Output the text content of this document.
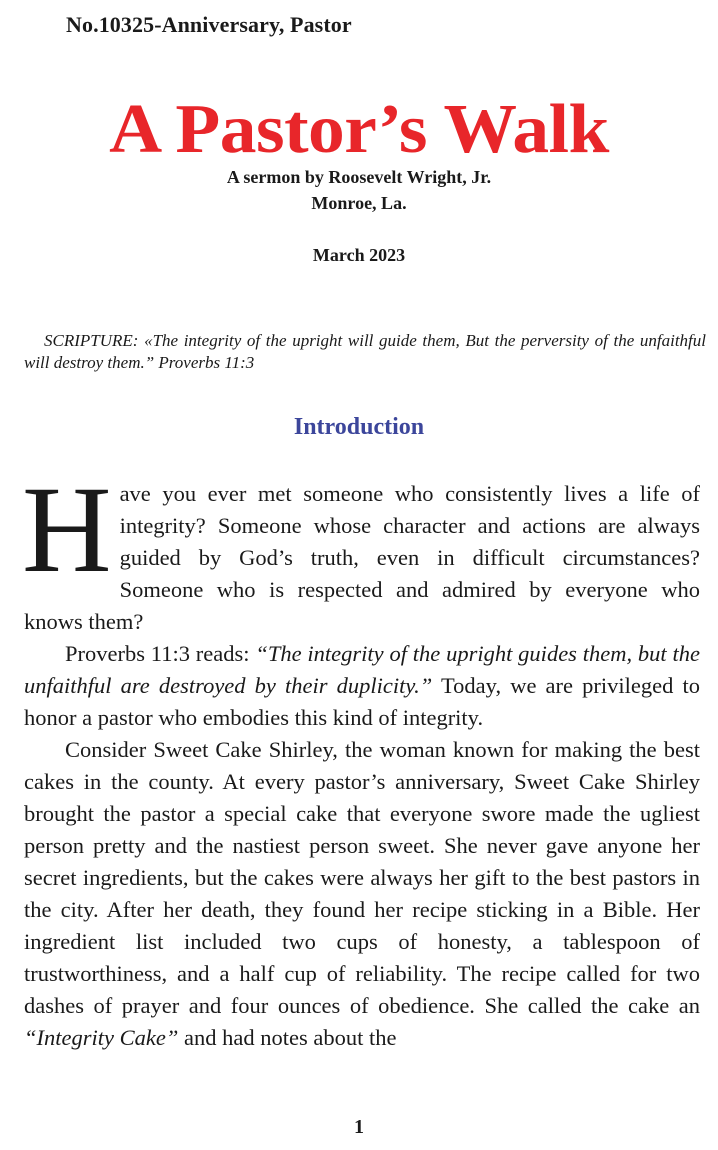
No.10325-Anniversary, Pastor
A Pastor’s Walk
A sermon by Roosevelt Wright, Jr.
Monroe, La.
March 2023
SCRIPTURE: «The integrity of the upright will guide them, But the perversity of the unfaithful will destroy them.” Proverbs 11:3
Introduction

Have you ever met someone who consistently lives a life of integrity? Someone whose character and actions are always guided by God’s truth, even in difficult circumstances? Someone who is respected and admired by everyone who knows them?

Proverbs 11:3 reads: “The integrity of the upright guides them, but the unfaithful are destroyed by their duplicity.” Today, we are privileged to honor a pastor who embodies this kind of integrity.

Consider Sweet Cake Shirley, the woman known for making the best cakes in the county. At every pastor’s anniversary, Sweet Cake Shirley brought the pastor a special cake that everyone swore made the ugliest person pretty and the nastiest person sweet. She never gave anyone her secret ingredients, but the cakes were always her gift to the best pastors in the city. After her death, they found her recipe sticking in a Bible. Her ingredient list included two cups of honesty, a tablespoon of trustworthiness, and a half cup of reliability. The recipe called for two dashes of prayer and four ounces of obedience. She called the cake an “Integrity Cake” and had notes about the

1
